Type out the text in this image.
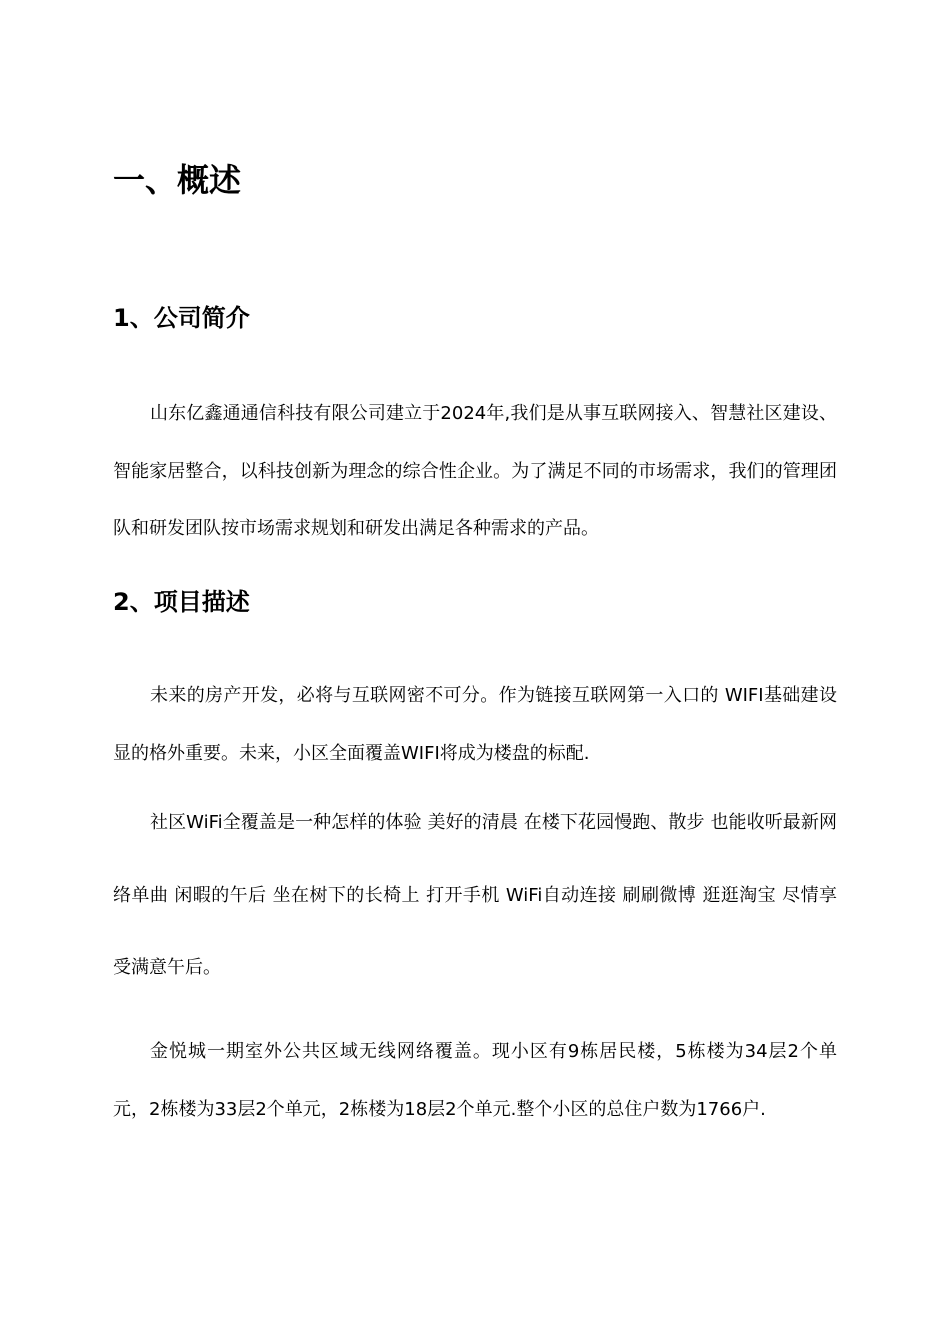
一、概述
1、公司简介

山东亿鑫通通信科技有限公司建立于2024年,我们是从事互联网接入、智慧社区建设、智能家居整合，以科技创新为理念的综合性企业。为了满足不同的市场需求，我们的管理团队和研发团队按市场需求规划和研发出满足各种需求的产品。

2、项目描述

未来的房产开发，必将与互联网密不可分。作为链接互联网第一入口的 WIFI基础建设显的格外重要。未来，小区全面覆盖WIFI将成为楼盘的标配.

社区WiFi全覆盖是一种怎样的体验 美好的清晨 在楼下花园慢跑、散步 也能收听最新网络单曲 闲暇的午后 坐在树下的长椅上 打开手机 WiFi自动连接 刷刷微博 逛逛淘宝 尽情享受满意午后。

金悦城一期室外公共区域无线网络覆盖。现小区有9栋居民楼，5栋楼为34层2个单元，2栋楼为33层2个单元，2栋楼为18层2个单元.整个小区的总住户数为1766户.
